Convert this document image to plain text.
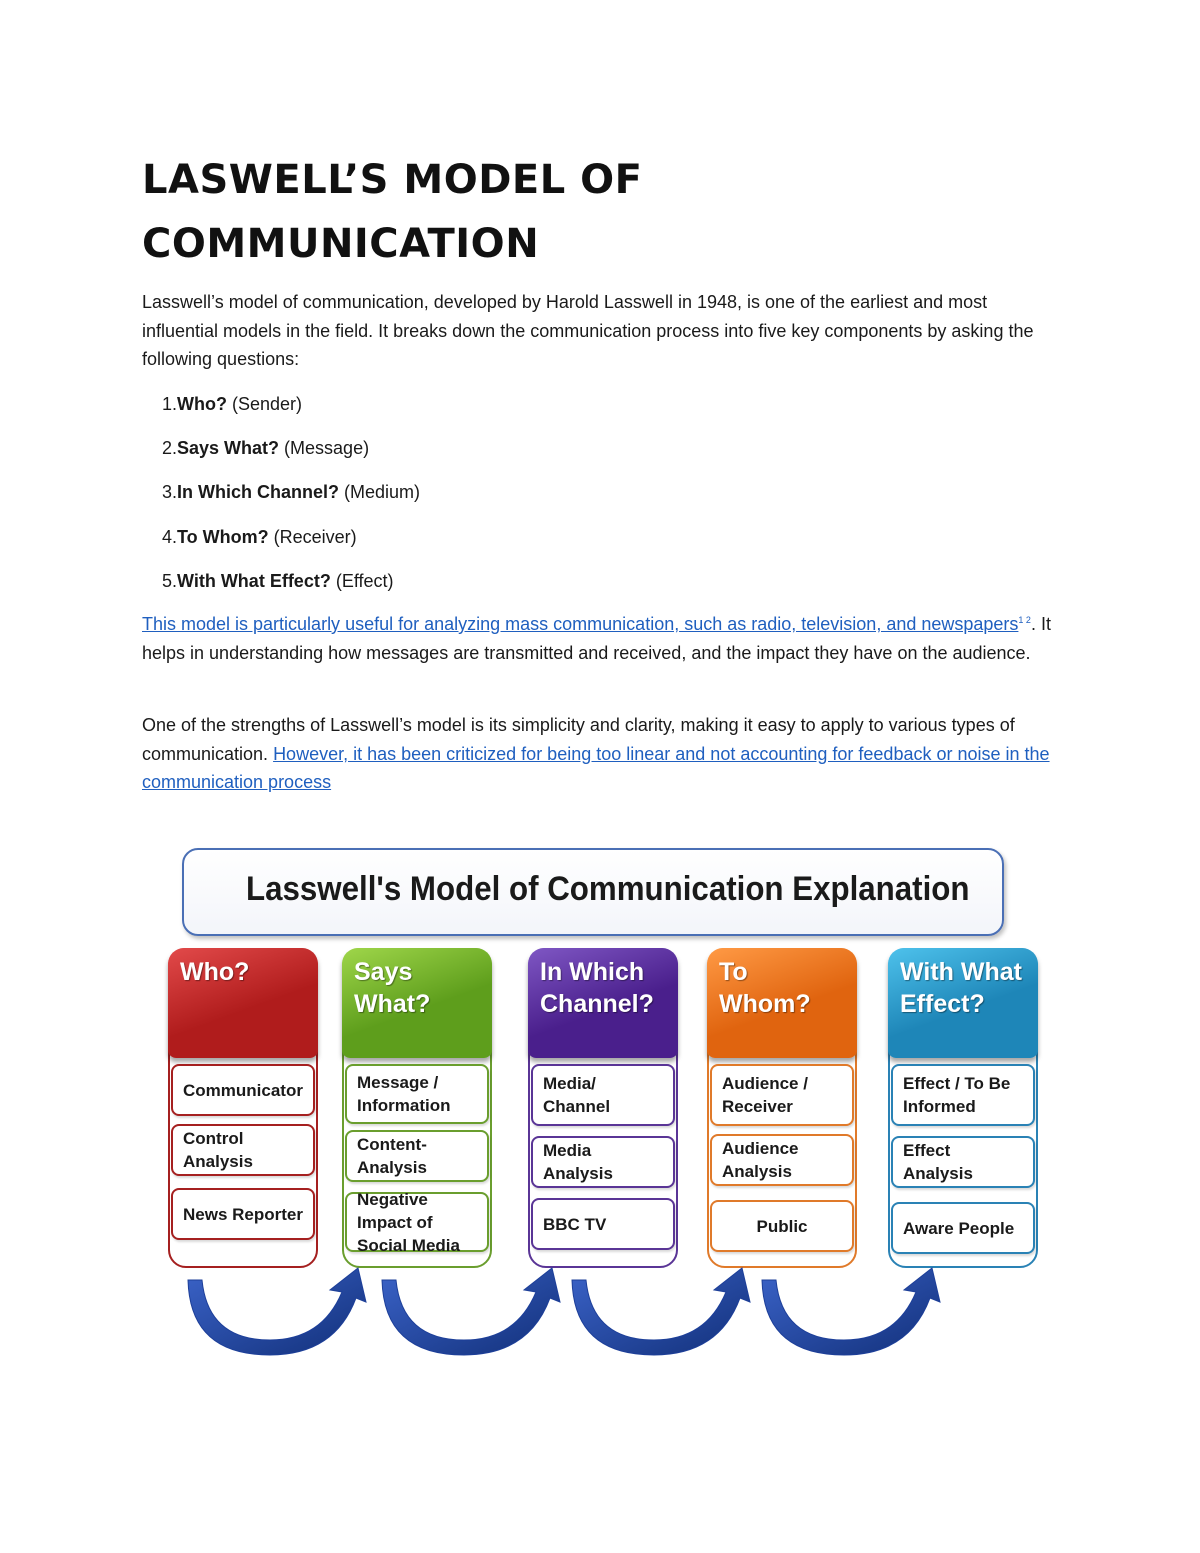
LASWELL’S MODEL OF COMMUNICATION

Lasswell’s model of communication, developed by Harold Lasswell in 1948, is one of the earliest and most influential models in the field. It breaks down the communication process into five key components by asking the following questions:

1.Who? (Sender)
2.Says What? (Message)
3.In Which Channel? (Medium)
4.To Whom? (Receiver)
5.With What Effect? (Effect)

This model is particularly useful for analyzing mass communication, such as radio, television, and newspapers$^{1 2}$. It helps in understanding how messages are transmitted and received, and the impact they have on the audience.

One of the strengths of Lasswell’s model is its simplicity and clarity, making it easy to apply to various types of communication. However, it has been criticized for being too linear and not accounting for feedback or noise in the communication process

Lasswell's Model of Communication Explanation
Who?
Communicator
Control Analysis
News Reporter
Says What?
Message / Information
Content-Analysis
Negative Impact of Social Media
In Which Channel?
Media/ Channel
Media Analysis
BBC TV
To Whom?
Audience / Receiver
Audience Analysis
Public
With What Effect?
Effect / To Be Informed
Effect Analysis
Aware People
